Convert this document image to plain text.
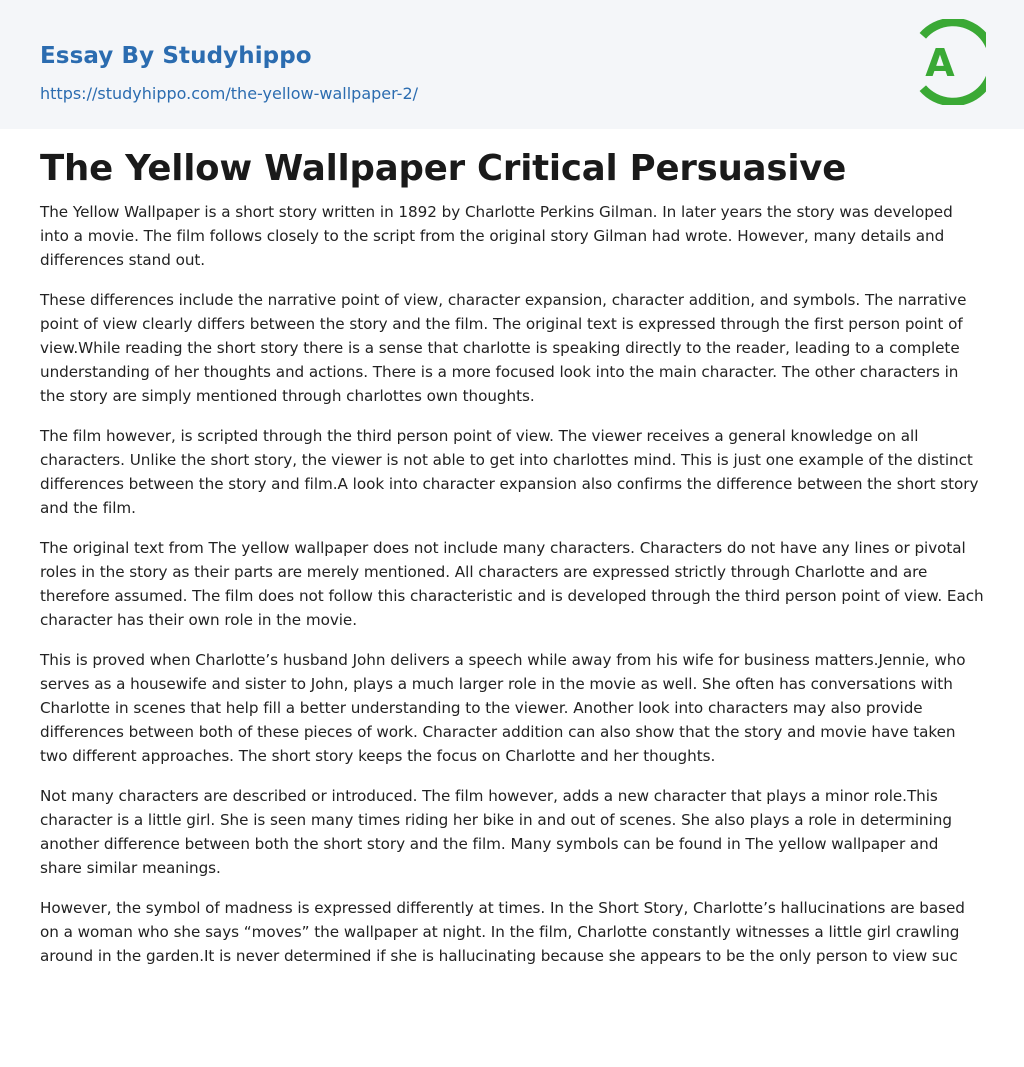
Essay By Studyhippo
https://studyhippo.com/the-yellow-wallpaper-2/
A
The Yellow Wallpaper Critical Persuasive

The Yellow Wallpaper is a short story written in 1892 by Charlotte Perkins Gilman. In later years the story was developed into a movie. The film follows closely to the script from the original story Gilman had wrote. However, many details and differences stand out.

These differences include the narrative point of view, character expansion, character addition, and symbols. The narrative point of view clearly differs between the story and the film. The original text is expressed through the first person point of view.While reading the short story there is a sense that charlotte is speaking directly to the reader, leading to a complete understanding of her thoughts and actions. There is a more focused look into the main character. The other characters in the story are simply mentioned through charlottes own thoughts.

The film however, is scripted through the third person point of view. The viewer receives a general knowledge on all characters. Unlike the short story, the viewer is not able to get into charlottes mind. This is just one example of the distinct differences between the story and film.A look into character expansion also confirms the difference between the short story and the film.

The original text from The yellow wallpaper does not include many characters. Characters do not have any lines or pivotal roles in the story as their parts are merely mentioned. All characters are expressed strictly through Charlotte and are therefore assumed. The film does not follow this characteristic and is developed through the third person point of view. Each character has their own role in the movie.

This is proved when Charlotte’s husband John delivers a speech while away from his wife for business matters.Jennie, who serves as a housewife and sister to John, plays a much larger role in the movie as well. She often has conversations with Charlotte in scenes that help fill a better understanding to the viewer. Another look into characters may also provide differences between both of these pieces of work. Character addition can also show that the story and movie have taken two different approaches. The short story keeps the focus on Charlotte and her thoughts.

Not many characters are described or introduced. The film however, adds a new character that plays a minor role.This character is a little girl. She is seen many times riding her bike in and out of scenes. She also plays a role in determining another difference between both the short story and the film. Many symbols can be found in The yellow wallpaper and share similar meanings.

However, the symbol of madness is expressed differently at times. In the Short Story, Charlotte’s hallucinations are based on a woman who she says “moves” the wallpaper at night. In the film, Charlotte constantly witnesses a little girl crawling around in the garden.It is never determined if she is hallucinating because she appears to be the only person to view suc
